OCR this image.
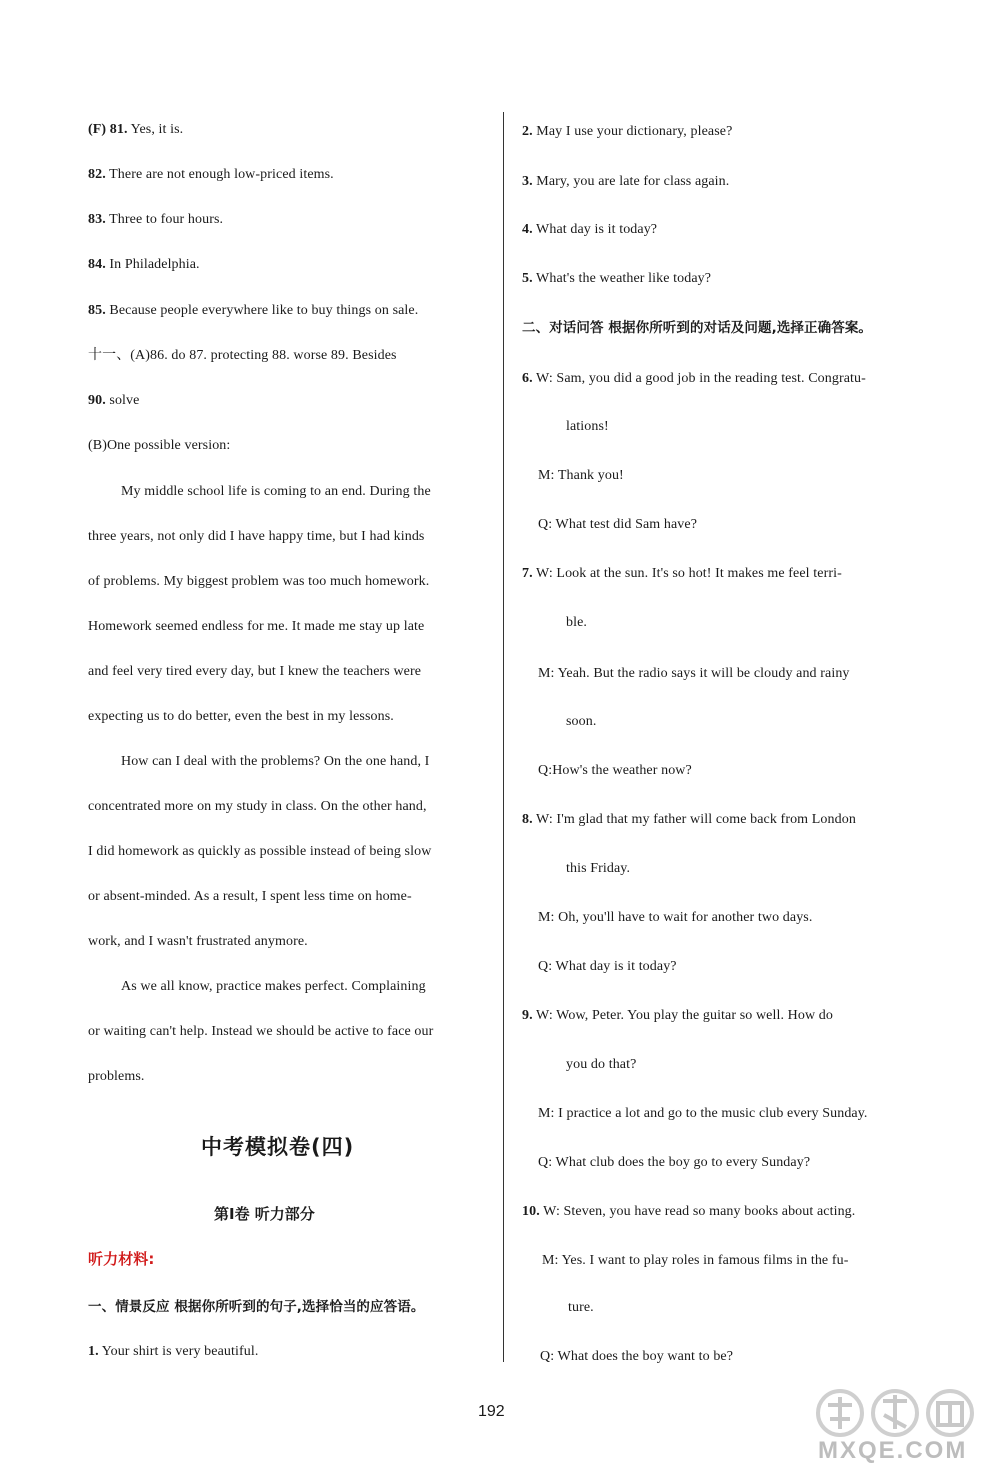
(F) 81. Yes, it is.
82. There are not enough low-priced items.
83. Three to four hours.
84. In Philadelphia.
85. Because people everywhere like to buy things on sale.
十一、(A)86. do 87. protecting 88. worse 89. Besides
90. solve
(B)One possible version:
My middle school life is coming to an end. During the
three years, not only did I have happy time, but I had kinds
of problems. My biggest problem was too much homework.
Homework seemed endless for me. It made me stay up late
and feel very tired every day, but I knew the teachers were
expecting us to do better, even the best in my lessons.
How can I deal with the problems? On the one hand, I
concentrated more on my study in class. On the other hand,
I did homework as quickly as possible instead of being slow
or absent-minded. As a result, I spent less time on home-
work, and I wasn't frustrated anymore.
As we all know, practice makes perfect. Complaining
or waiting can't help. Instead we should be active to face our
problems.
中考模拟卷(四)
第Ⅰ卷 听力部分
听力材料:
一、情景反应 根据你所听到的句子,选择恰当的应答语。
1. Your shirt is very beautiful.
2. May I use your dictionary, please?
3. Mary, you are late for class again.
4. What day is it today?
5. What's the weather like today?
二、对话问答 根据你所听到的对话及问题,选择正确答案。
6. W: Sam, you did a good job in the reading test. Congratu-
lations!
M: Thank you!
Q: What test did Sam have?
7. W: Look at the sun. It's so hot! It makes me feel terri-
ble.
M: Yeah. But the radio says it will be cloudy and rainy
soon.
Q:How's the weather now?
8. W: I'm glad that my father will come back from London
this Friday.
M: Oh, you'll have to wait for another two days.
Q: What day is it today?
9. W: Wow, Peter. You play the guitar so well. How do
you do that?
M: I practice a lot and go to the music club every Sunday.
Q: What club does the boy go to every Sunday?
10. W: Steven, you have read so many books about acting.
M: Yes. I want to play roles in famous films in the fu-
ture.
Q: What does the boy want to be?
192
MXQE.COM
